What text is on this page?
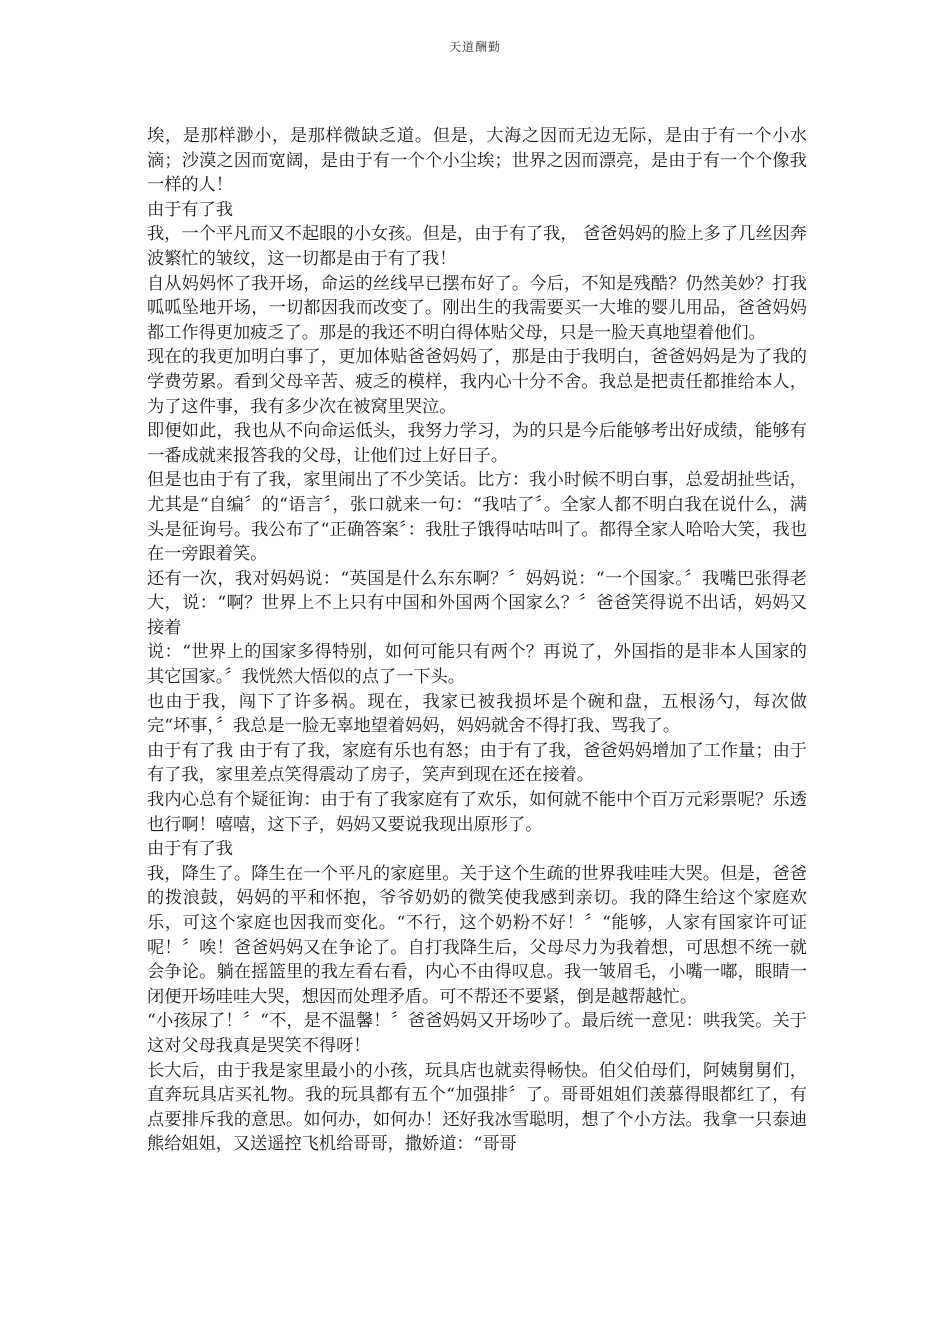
天道酬勤

埃，是那样渺小，是那样微缺乏道。但是，大海之因而无边无际，是由于有一个小水滴；沙漠之因而宽阔，是由于有一个个小尘埃；世界之因而漂亮，是由于有一个个像我一样的人！

由于有了我

我，一个平凡而又不起眼的小女孩。但是，由于有了我， 爸爸妈妈的脸上多了几丝因奔波繁忙的皱纹，这一切都是由于有了我！

自从妈妈怀了我开场，命运的丝线早已摆布好了。今后，不知是残酷？仍然美妙？打我呱呱坠地开场，一切都因我而改变了。刚出生的我需要买一大堆的婴儿用品，爸爸妈妈都工作得更加疲乏了。那是的我还不明白得体贴父母，只是一脸天真地望着他们。

现在的我更加明白事了，更加体贴爸爸妈妈了，那是由于我明白，爸爸妈妈是为了我的学费劳累。看到父母辛苦、疲乏的模样，我内心十分不舍。我总是把责任都推给本人，为了这件事，我有多少次在被窝里哭泣。

即便如此，我也从不向命运低头，我努力学习，为的只是今后能够考出好成绩，能够有一番成就来报答我的父母，让他们过上好日子。

但是也由于有了我，家里闹出了不少笑话。比方：我小时候不明白事，总爱胡扯些话，尤其是“自编〞的“语言〞，张口就来一句：“我咕了〞。全家人都不明白我在说什么，满头是征询号。我公布了“正确答案〞：我肚子饿得咕咕叫了。都得全家人哈哈大笑，我也在一旁跟着笑。

还有一次，我对妈妈说：“英国是什么东东啊？〞妈妈说：“一个国家。〞我嘴巴张得老大，说：“啊？世界上不上只有中国和外国两个国家么？〞爸爸笑得说不出话，妈妈又接着

说：“世界上的国家多得特别，如何可能只有两个？再说了，外国指的是非本人国家的其它国家。〞我恍然大悟似的点了一下头。

也由于我，闯下了许多祸。现在，我家已被我损坏是个碗和盘，五根汤勺，每次做完“坏事，〞我总是一脸无辜地望着妈妈，妈妈就舍不得打我、骂我了。

由于有了我 由于有了我，家庭有乐也有怒；由于有了我，爸爸妈妈增加了工作量；由于有了我，家里差点笑得震动了房子，笑声到现在还在接着。

我内心总有个疑征询：由于有了我家庭有了欢乐，如何就不能中个百万元彩票呢？乐透也行啊！嘻嘻，这下子，妈妈又要说我现出原形了。

由于有了我

我，降生了。降生在一个平凡的家庭里。关于这个生疏的世界我哇哇大哭。但是，爸爸的拨浪鼓，妈妈的平和怀抱，爷爷奶奶的微笑使我感到亲切。我的降生给这个家庭欢乐，可这个家庭也因我而变化。“不行，这个奶粉不好！〞“能够，人家有国家许可证呢！〞唉！爸爸妈妈又在争论了。自打我降生后，父母尽力为我着想，可思想不统一就会争论。躺在摇篮里的我左看右看，内心不由得叹息。我一皱眉毛，小嘴一嘟，眼睛一闭便开场哇哇大哭，想因而处理矛盾。可不帮还不要紧，倒是越帮越忙。

“小孩尿了！〞“不，是不温馨！〞爸爸妈妈又开场吵了。最后统一意见：哄我笑。关于这对父母我真是哭笑不得呀！

长大后，由于我是家里最小的小孩，玩具店也就卖得畅快。伯父伯母们，阿姨舅舅们，直奔玩具店买礼物。我的玩具都有五个“加强排〞了。哥哥姐姐们羡慕得眼都红了，有点要排斥我的意思。如何办，如何办！还好我冰雪聪明，想了个小方法。我拿一只泰迪熊给姐姐，又送遥控飞机给哥哥，撒娇道：“哥哥
